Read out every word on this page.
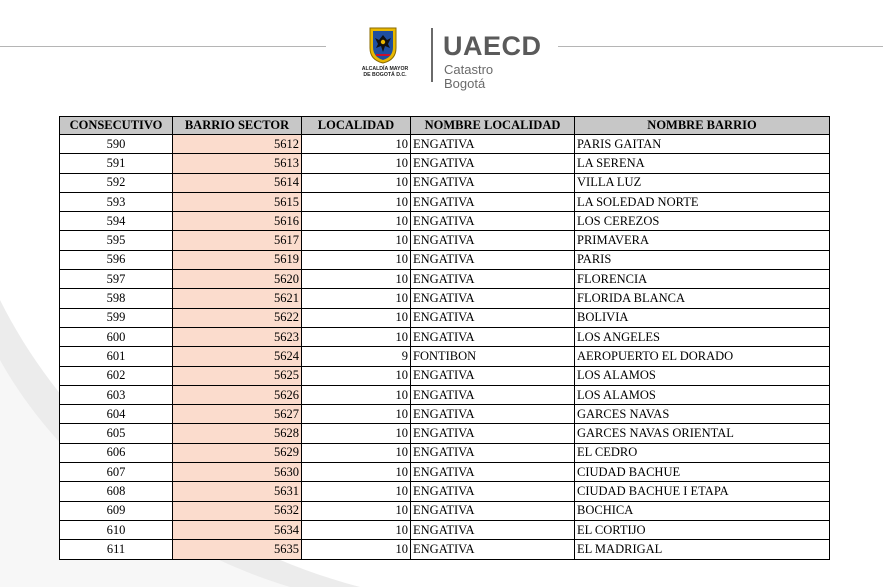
ALCALDÍA MAYOR
DE BOGOTÁ D.C.
UAECD
Catastro Bogotá
CONSECUTIVO	BARRIO SECTOR	LOCALIDAD	NOMBRE LOCALIDAD	NOMBRE BARRIO
590	5612	10	ENGATIVA	PARIS GAITAN
591	5613	10	ENGATIVA	LA SERENA
592	5614	10	ENGATIVA	VILLA LUZ
593	5615	10	ENGATIVA	LA SOLEDAD NORTE
594	5616	10	ENGATIVA	LOS CEREZOS
595	5617	10	ENGATIVA	PRIMAVERA
596	5619	10	ENGATIVA	PARIS
597	5620	10	ENGATIVA	FLORENCIA
598	5621	10	ENGATIVA	FLORIDA BLANCA
599	5622	10	ENGATIVA	BOLIVIA
600	5623	10	ENGATIVA	LOS ANGELES
601	5624	9	FONTIBON	AEROPUERTO EL DORADO
602	5625	10	ENGATIVA	LOS ALAMOS
603	5626	10	ENGATIVA	LOS ALAMOS
604	5627	10	ENGATIVA	GARCES NAVAS
605	5628	10	ENGATIVA	GARCES NAVAS ORIENTAL
606	5629	10	ENGATIVA	EL CEDRO
607	5630	10	ENGATIVA	CIUDAD BACHUE
608	5631	10	ENGATIVA	CIUDAD BACHUE I ETAPA
609	5632	10	ENGATIVA	BOCHICA
610	5634	10	ENGATIVA	EL CORTIJO
611	5635	10	ENGATIVA	EL MADRIGAL
